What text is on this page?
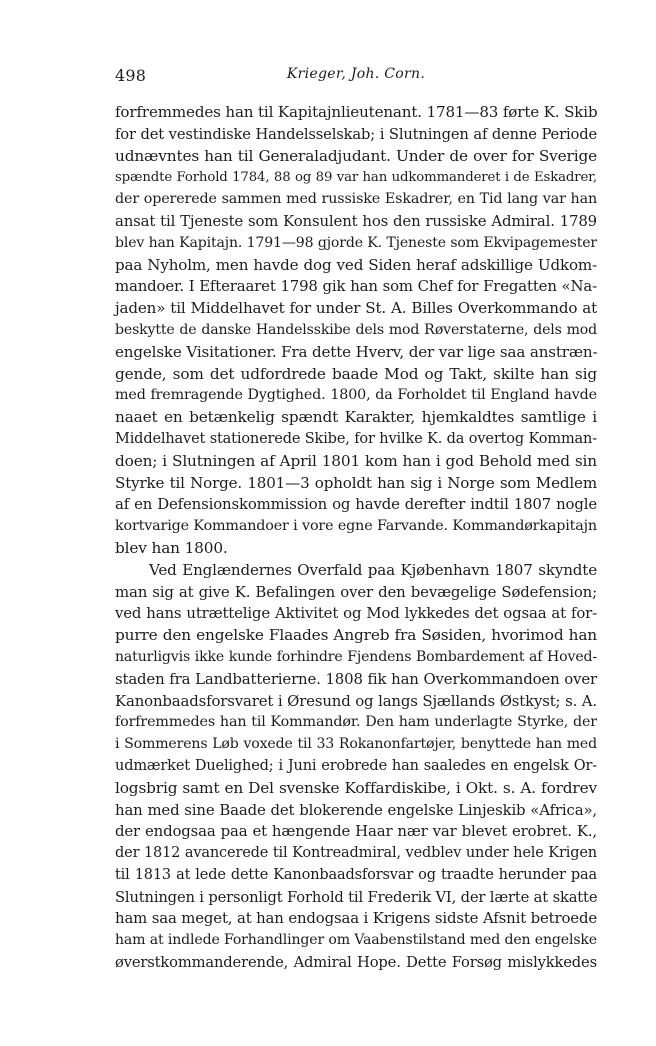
498	Krieger, Joh. Corn.
forfremmedes han til Kapitajnlieutenant. 1781—83 førte K. Skib
for det vestindiske Handelsselskab; i Slutningen af denne Periode
udnævntes han til Generaladjudant. Under de over for Sverige
spændte Forhold 1784, 88 og 89 var han udkommanderet i de Eskadrer,
der opererede sammen med russiske Eskadrer, en Tid lang var han
ansat til Tjeneste som Konsulent hos den russiske Admiral. 1789
blev han Kapitajn. 1791—98 gjorde K. Tjeneste som Ekvipagemester
paa Nyholm, men havde dog ved Siden heraf adskillige Udkom-
mandoer. I Efteraaret 1798 gik han som Chef for Fregatten «Na-
jaden» til Middelhavet for under St. A. Billes Overkommando at
beskytte de danske Handelsskibe dels mod Røverstaterne, dels mod
engelske Visitationer. Fra dette Hverv, der var lige saa anstræn-
gende, som det udfordrede baade Mod og Takt, skilte han sig
med fremragende Dygtighed. 1800, da Forholdet til England havde
naaet en betænkelig spændt Karakter, hjemkaldtes samtlige i
Middelhavet stationerede Skibe, for hvilke K. da overtog Komman-
doen; i Slutningen af April 1801 kom han i god Behold med sin
Styrke til Norge. 1801—3 opholdt han sig i Norge som Medlem
af en Defensionskommission og havde derefter indtil 1807 nogle
kortvarige Kommandoer i vore egne Farvande. Kommandørkapitajn
blev han 1800.
Ved Englændernes Overfald paa Kjøbenhavn 1807 skyndte
man sig at give K. Befalingen over den bevægelige Sødefension;
ved hans utrættelige Aktivitet og Mod lykkedes det ogsaa at for-
purre den engelske Flaades Angreb fra Søsiden, hvorimod han
naturligvis ikke kunde forhindre Fjendens Bombardement af Hoved-
staden fra Landbatterierne. 1808 fik han Overkommandoen over
Kanonbaadsforsvaret i Øresund og langs Sjællands Østkyst; s. A.
forfremmedes han til Kommandør. Den ham underlagte Styrke, der
i Sommerens Løb voxede til 33 Rokanonfartøjer, benyttede han med
udmærket Duelighed; i Juni erobrede han saaledes en engelsk Or-
logsbrig samt en Del svenske Koffardiskibe, i Okt. s. A. fordrev
han med sine Baade det blokerende engelske Linjeskib «Africa»,
der endogsaa paa et hængende Haar nær var blevet erobret. K.,
der 1812 avancerede til Kontreadmiral, vedblev under hele Krigen
til 1813 at lede dette Kanonbaadsforsvar og traadte herunder paa
Slutningen i personligt Forhold til Frederik VI, der lærte at skatte
ham saa meget, at han endogsaa i Krigens sidste Afsnit betroede
ham at indlede Forhandlinger om Vaabenstilstand med den engelske
øverstkommanderende, Admiral Hope. Dette Forsøg mislykkedes
